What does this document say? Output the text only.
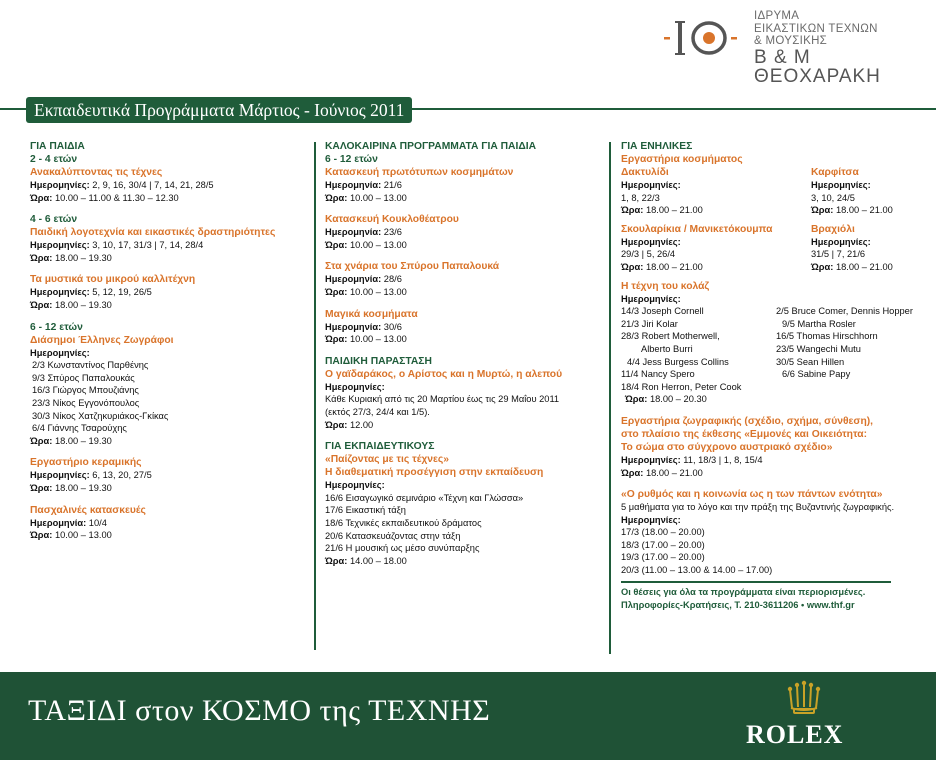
ΙΔΡΥΜΑ
ΕΙΚΑΣΤΙΚΩΝ ΤΕΧΝΩΝ
& ΜΟΥΣΙΚΗΣ
Β & Μ
ΘΕΟΧΑΡΑΚΗ
Εκπαιδευτικά Προγράμματα Μάρτιος - Ιούνιος 2011
ΓΙΑ ΠΑΙΔΙΑ
2 - 4 ετών
Ανακαλύπτοντας τις τέχνες
Ημερομηνίες: 2, 9, 16, 30/4 | 7, 14, 21, 28/5
Ώρα: 10.00 – 11.00 & 11.30 – 12.30
4 - 6 ετών
Παιδική λογοτεχνία και εικαστικές δραστηριότητες
Ημερομηνίες: 3, 10, 17, 31/3 | 7, 14, 28/4
Ώρα: 18.00 – 19.30
Τα μυστικά του μικρού καλλιτέχνη
Ημερομηνίες: 5, 12, 19, 26/5
Ώρα: 18.00 – 19.30
6 - 12 ετών
Διάσημοι Έλληνες Ζωγράφοι
Ημερομηνίες:
2/3 Κωνσταντίνος Παρθένης
9/3 Σπύρος Παπαλουκάς
16/3 Γιώργος Μπουζιάνης
23/3 Νίκος Εγγονόπουλος
30/3 Νίκος Χατζηκυριάκος-Γκίκας
6/4 Γιάννης Τσαρούχης
Ώρα: 18.00 – 19.30
Εργαστήριο κεραμικής
Ημερομηνίες: 6, 13, 20, 27/5
Ώρα: 18.00 – 19.30
Πασχαλινές κατασκευές
Ημερομηνία: 10/4
Ώρα: 10.00 – 13.00
ΚΑΛΟΚΑΙΡΙΝΑ ΠΡΟΓΡΑΜΜΑΤΑ ΓΙΑ ΠΑΙΔΙΑ
6 - 12 ετών
Κατασκευή πρωτότυπων κοσμημάτων
Ημερομηνία: 21/6
Ώρα: 10.00 – 13.00
Κατασκευή Κουκλοθέατρου
Ημερομηνία: 23/6
Ώρα: 10.00 – 13.00
Στα χνάρια του Σπύρου Παπαλουκά
Ημερομηνία: 28/6
Ώρα: 10.00 – 13.00
Μαγικά κοσμήματα
Ημερομηνία: 30/6
Ώρα: 10.00 – 13.00
ΠΑΙΔΙΚΗ ΠΑΡΑΣΤΑΣΗ
Ο γαϊδαράκος, ο Αρίστος και η Μυρτώ, η αλεπού
Ημερομηνίες:
Κάθε Κυριακή από τις 20 Μαρτίου έως τις 29 Μαΐου 2011
(εκτός 27/3, 24/4 και 1/5).
Ώρα: 12.00
ΓΙΑ ΕΚΠΑΙΔΕΥΤΙΚΟΥΣ
«Παίζοντας με τις τέχνες»
Η διαθεματική προσέγγιση στην εκπαίδευση
Ημερομηνίες:
16/6 Εισαγωγικό σεμινάριο «Τέχνη και Γλώσσα»
17/6 Εικαστική τάξη
18/6 Τεχνικές εκπαιδευτικού δράματος
20/6 Κατασκευάζοντας στην τάξη
21/6 Η μουσική ως μέσο συνύπαρξης
Ώρα: 14.00 – 18.00
ΓΙΑ ΕΝΗΛΙΚΕΣ
Εργαστήρια κοσμήματος
Δακτυλίδι
Ημερομηνίες:
1, 8, 22/3
Ώρα: 18.00 – 21.00
Καρφίτσα
Ημερομηνίες:
3, 10, 24/5
Ώρα: 18.00 – 21.00
Σκουλαρίκια / Μανικετόκουμπα
Ημερομηνίες:
29/3 | 5, 26/4
Ώρα: 18.00 – 21.00
Βραχιόλι
Ημερομηνίες:
31/5 | 7, 21/6
Ώρα: 18.00 – 21.00
Η τέχνη του κολάζ
Ημερομηνίες:
14/3 Joseph Cornell
21/3 Jiri Kolar
28/3 Robert Motherwell,
Alberto Burri
4/4 Jess Burgess Collins
11/4 Nancy Spero
18/4 Ron Herron, Peter Cook
2/5 Bruce Comer, Dennis Hopper
9/5 Martha Rosler
16/5 Thomas Hirschhorn
23/5 Wangechi Mutu
30/5 Sean Hillen
6/6 Sabine Papy
Ώρα: 18.00 – 20.30
Εργαστήρια ζωγραφικής (σχέδιο, σχήμα, σύνθεση),
στο πλαίσιο της έκθεσης «Εμμονές και Οικειότητα:
Το σώμα στο σύγχρονο αυστριακό σχέδιο»
Ημερομηνίες: 11, 18/3 | 1, 8, 15/4
Ώρα: 18.00 – 21.00
«Ο ρυθμός και η κοινωνία ως η των πάντων ενότητα»
5 μαθήματα για το λόγο και την πράξη της Βυζαντινής ζωγραφικής.
Ημερομηνίες:
17/3 (18.00 – 20.00)
18/3 (17.00 – 20.00)
19/3 (17.00 – 20.00)
20/3 (11.00 – 13.00 & 14.00 – 17.00)
Οι θέσεις για όλα τα προγράμματα είναι περιορισμένες.
Πληροφορίες-Κρατήσεις, Τ. 210-3611206 • www.thf.gr
ΤΑΞΙΔΙ στον ΚΟΣΜΟ της ΤΕΧΝΗΣ
ROLEX
